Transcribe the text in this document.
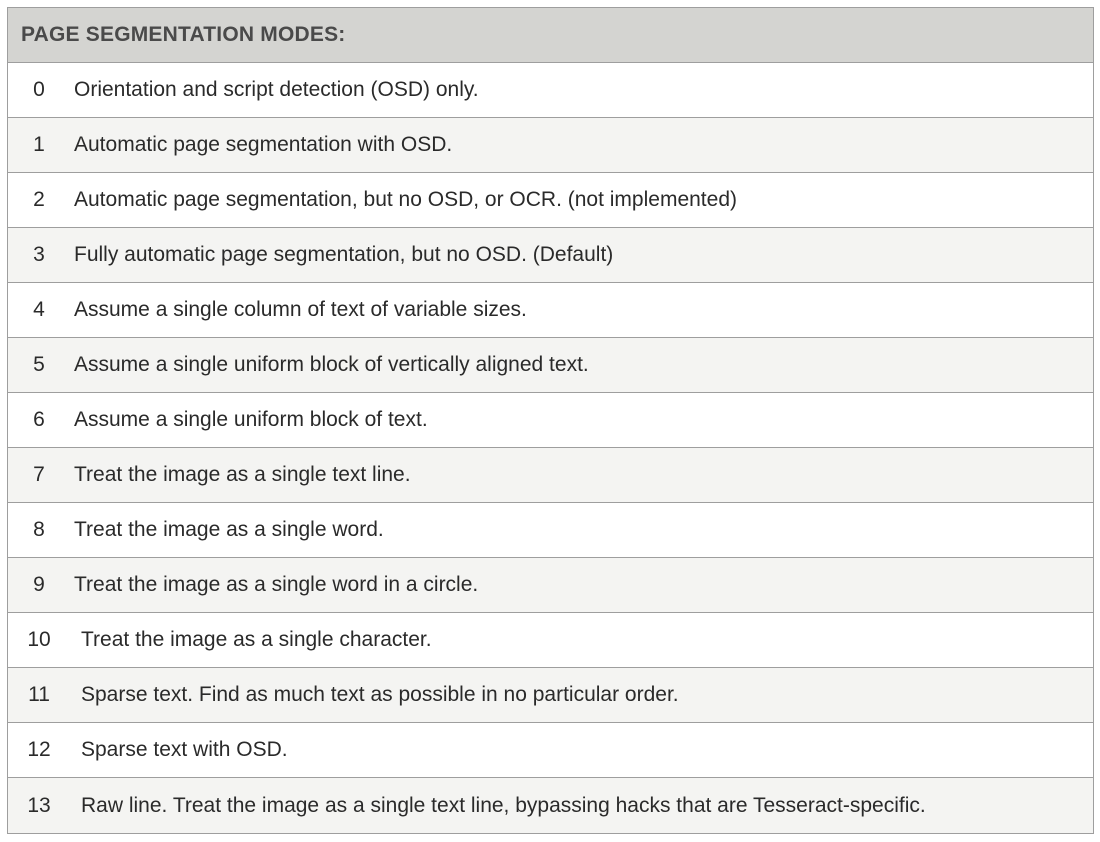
PAGE SEGMENTATION MODES:
0	Orientation and script detection (OSD) only.
1	Automatic page segmentation with OSD.
2	Automatic page segmentation, but no OSD, or OCR. (not implemented)
3	Fully automatic page segmentation, but no OSD. (Default)
4	Assume a single column of text of variable sizes.
5	Assume a single uniform block of vertically aligned text.
6	Assume a single uniform block of text.
7	Treat the image as a single text line.
8	Treat the image as a single word.
9	Treat the image as a single word in a circle.
10 Treat the image as a single character.
11 Sparse text. Find as much text as possible in no particular order.
12 Sparse text with OSD.
13 Raw line. Treat the image as a single text line, bypassing hacks that are Tesseract-specific.
